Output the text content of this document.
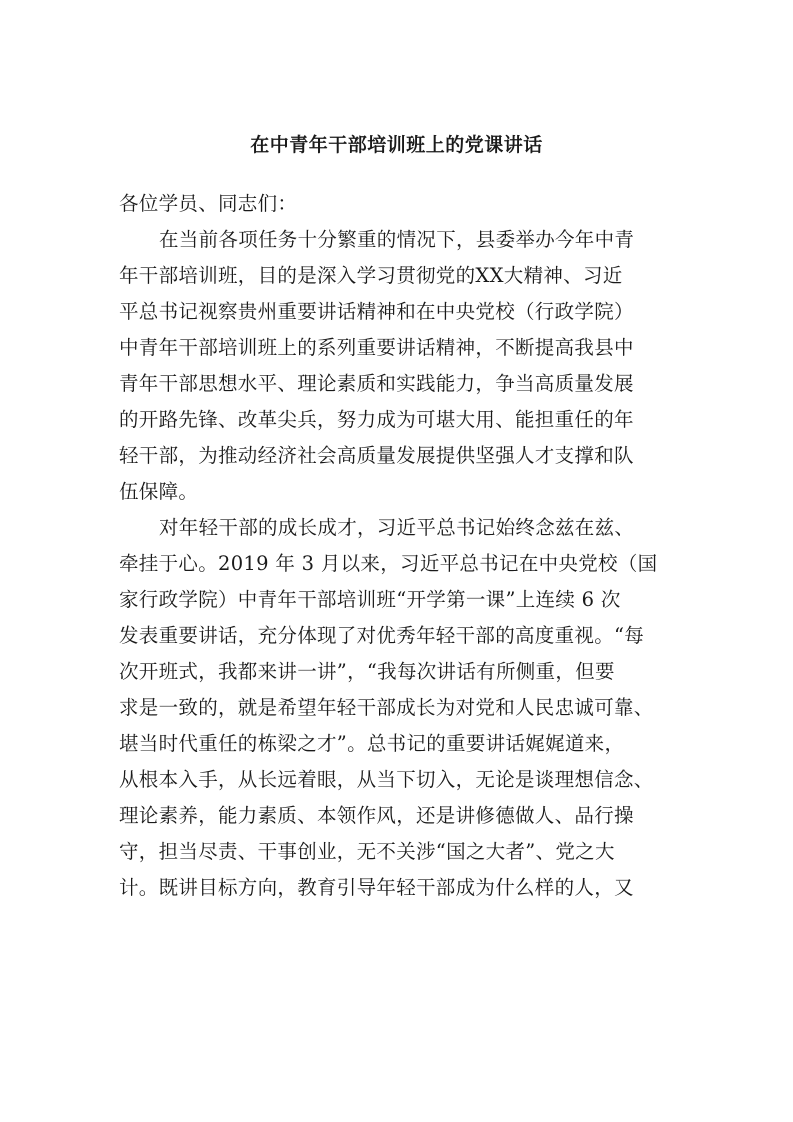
在中青年干部培训班上的党课讲话
各位学员、同志们：
在当前各项任务十分繁重的情况下，县委举办今年中青
年干部培训班，目的是深入学习贯彻党的XX大精神、习近
平总书记视察贵州重要讲话精神和在中央党校（行政学院）
中青年干部培训班上的系列重要讲话精神，不断提高我县中
青年干部思想水平、理论素质和实践能力，争当高质量发展
的开路先锋、改革尖兵，努力成为可堪大用、能担重任的年
轻干部，为推动经济社会高质量发展提供坚强人才支撑和队
伍保障。
对年轻干部的成长成才，习近平总书记始终念兹在兹、
牵挂于心。2019 年 3 月以来，习近平总书记在中央党校（国
家行政学院）中青年干部培训班“开学第一课”上连续 6 次
发表重要讲话，充分体现了对优秀年轻干部的高度重视。“每
次开班式，我都来讲一讲”，“我每次讲话有所侧重，但要
求是一致的，就是希望年轻干部成长为对党和人民忠诚可靠、
堪当时代重任的栋梁之才”。总书记的重要讲话娓娓道来，
从根本入手，从长远着眼，从当下切入，无论是谈理想信念、
理论素养，能力素质、本领作风，还是讲修德做人、品行操
守，担当尽责、干事创业，无不关涉“国之大者”、党之大
计。既讲目标方向，教育引导年轻干部成为什么样的人，又
